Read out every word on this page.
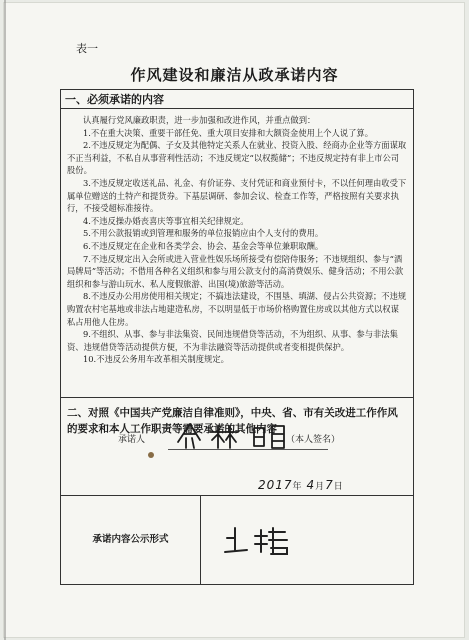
表一
作风建设和廉洁从政承诺内容
一、必须承诺的内容

认真履行党风廉政职责，进一步加强和改进作风，并重点做到：

1.不在重大决策、重要干部任免、重大项目安排和大额资金使用上个人说了算。

2.不违反规定为配偶、子女及其他特定关系人在就业、投资入股、经商办企业等方面谋取不正当利益，不私自从事营利性活动；不违反规定“以权揽储”；不违反规定持有非上市公司股份。

3.不违反规定收送礼品、礼金、有价证券、支付凭证和商业预付卡，不以任何理由收受下属单位赠送的土特产和提货券。下基层调研、参加会议、检查工作等，严格按照有关要求执行，不接受超标准接待。

4.不违反操办婚丧喜庆等事宜相关纪律规定。

5.不用公款报销或到管理和服务的单位报销应由个人支付的费用。

6.不违反规定在企业和各类学会、协会、基金会等单位兼职取酬。

7.不违反规定出入会所或进入营业性娱乐场所接受有偿陪侍服务；不违规组织、参与“酒局牌局”等活动；不借用各种名义组织和参与用公款支付的高消费娱乐、健身活动；不用公款组织和参与游山玩水、私人度假旅游、出国(境)旅游等活动。

8.不违反办公用房使用相关规定；不搞违法建设，不围垦、填湖、侵占公共资源；不违规购置农村宅基地或非法占地建造私房，不以明显低于市场价格购置住房或以其他方式以权谋私占用他人住房。

9.不组织、从事、参与非法集资、民间违规借贷等活动，不为组织、从事、参与非法集资、违规借贷等活动提供方便，不为非法融资等活动提供或者变相提供保护。

10.不违反公务用车改革相关制度规定。

二、对照《中国共产党廉洁自律准则》，中央、省、市有关改进工作作风的要求和本人工作职责等需要承诺的其他内容
承诺内容公示形式
承诺人	（本人签名）
2017年 4月7日
